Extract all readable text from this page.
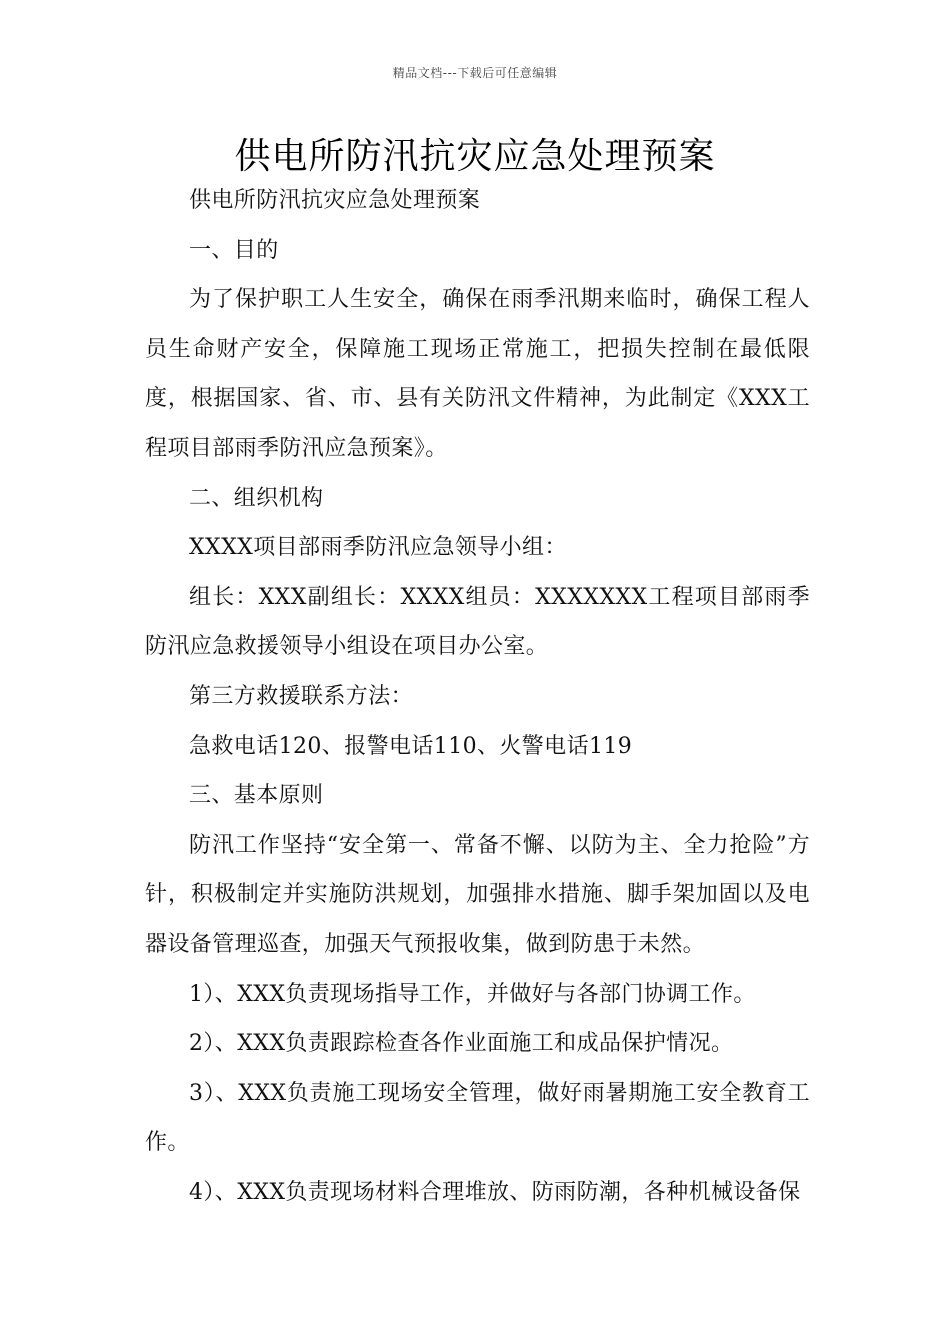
精品文档---下载后可任意编辑
供电所防汛抗灾应急处理预案

供电所防汛抗灾应急处理预案

一、目的

为了保护职工人生安全，确保在雨季汛期来临时，确保工程人员生命财产安全，保障施工现场正常施工，把损失控制在最低限度，根据国家、省、市、县有关防汛文件精神，为此制定《XXX工程项目部雨季防汛应急预案》。

二、组织机构

XXXX项目部雨季防汛应急领导小组：

组长：XXX副组长：XXXX组员：XXXXXXX工程项目部雨季防汛应急救援领导小组设在项目办公室。

第三方救援联系方法：

急救电话120、报警电话110、火警电话119

三、基本原则

防汛工作坚持“安全第一、常备不懈、以防为主、全力抢险”方针，积极制定并实施防洪规划，加强排水措施、脚手架加固以及电器设备管理巡查，加强天气预报收集，做到防患于未然。

1）、XXX负责现场指导工作，并做好与各部门协调工作。

2）、XXX负责跟踪检查各作业面施工和成品保护情况。

3）、XXX负责施工现场安全管理，做好雨暑期施工安全教育工作。

4）、XXX负责现场材料合理堆放、防雨防潮，各种机械设备保
